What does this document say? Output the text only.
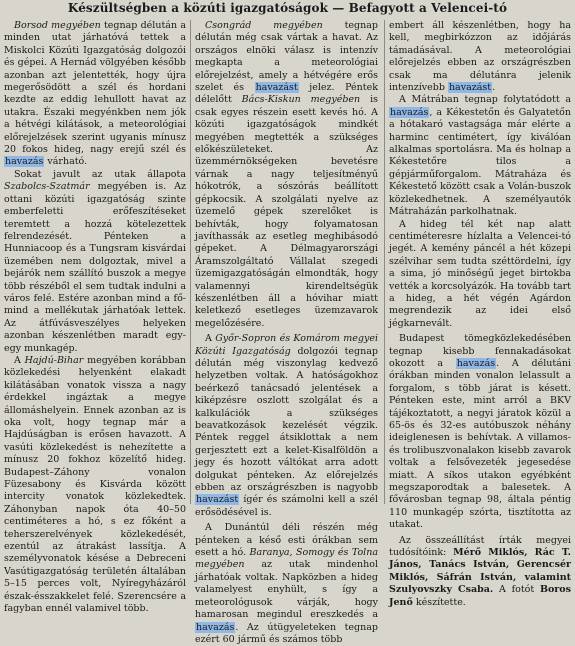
Készültségben a közúti igazgatóságok — Befagyott a Velencei-tó

Borsod megyében tegnap délután a minden utat járhatóvá tettek a Miskolci Közúti Igazgatóság dolgozói és gépei. A Hernád völgyében később azonban azt jelentették, hogy újra megerősödött a szél és hordani kezdte az eddig lehullott havat az utakra. Északi megyénkben nem jók a hétvégi kilátások, a meteorológiai előrejelzések szerint ugyanis mínusz 20 fokos hideg, nagy erejű szél és havazás várható.

Sokat javult az utak állapota Szabolcs-Szatmár megyében is. Az ottani közúti igazgatóság szinte emberfeletti erőfeszítéseket teremtett a hozzá kötelezettek felrendezését. Pénteken a Hunniacoop és a Tungsram kisvárdai üzemében nem dolgoztak, mivel a bejárók nem szállító buszok a megye több részéből el sem tudtak indulni a város felé. Estére azonban mind a fő- mind a mellékutak járhatóak lettek. Az átfúvásveszélyes helyeken azonban készenlétben maradt egy-egy munkagép.

A Hajdú-Bihar megyében korábban közlekedési helyenként elakadt kilátásában vonatok vissza a nagy érdekkel ingáztak a megye állomáshelyein. Ennek azonban az is oka volt, hogy tegnap már a Hajdúságban is erősen havazott. A vasúti közlekedést is nehezítette a mínusz 20 fokhoz közelítő hideg. Budapest–Záhony vonalon Füzesabony és Kisvárda között intercity vonatok közlekedtek. Záhonyban napok óta 40–50 centiméteres a hó, s ez főként a teherszerelvények közlekedését, ezentúl az átrakást lassítja. A személyvonatok késése a Debreceni Vasútigazgatóság területén általában 5–15 perces volt, Nyíregyházáról észak-ésszakkelet felé. Szerencsére a fagyban ennél valamivel több.

Csongrád megyében tegnap délután még csak vártak a havat. Az országos elnöki válasz is intenzív megkapta a meteorológiai előrejelzést, amely a hétvégére erős szelet és havazást jelez. Péntek délelőtt Bács-Kiskun megyében is csak egyes részein esett kevés hó. A közúti igazgatóságok mindkét megyében megtették a szükséges előkészületeket. Az üzemmérnökségeken bevetésre várnak a nagy teljesítményű hókotrók, a sószórás beállított gépkocsik. A szolgálati nyelve az üzemelő gépek szerelőket is behívták, hogy folyamatosan javíthassák az esetleg meghibásodó gépeket. A Délmagyarországi Áramszolgáltató Vállalat szegedi üzemigazgatóságán elmondták, hogy valamennyi kirendeltségük készenlétben áll a hóvihar miatt keletkező esetleges üzemzavarok megelőzésére.

A Győr-Sopron és Komárom megyei Közúti Igazgatóság dolgozói tegnap délután még viszonylag kedvező helyzetben voltak. A hatóságokhoz beérkező tanácsadó jelentések a kiképzésre oszlott szolgálat és a kalkulációk a szükséges beavatkozások kezelését végzik. Péntek reggel átsiklottak a nem gerjesztett ezt a kelet-Kisalföldön a jegy és hozott váltókat arra adott dolgukat pénteken. Az előrejelzés ebben az országrészben is nagyobb havazást ígér és számolni kell a szél erősödésével is.

A Dunántúl déli részén még pénteken a késő esti órákban sem esett a hó. Baranya, Somogy és Tolna megyében az utak mindenhol járhatóak voltak. Napközben a hideg valamelyest enyhült, s így a meteorológusok várják, hogy hamarosan megindul ereszkedés a havazás. Az útügyeleteken tegnap ezért 60 jármű és számos több

embert áll készenlétben, hogy ha kell, megbirkózzon az időjárás támadásával. A meteorológiai előrejelzés ebben az országrészben csak ma délutánra jelenik intenzívebb havazást.

A Mátrában tegnap folytatódott a havazás, a Kékestetőn és Galyatetőn a hótakaró vastagsága már elérte a harminc centimétert, így kiválóan alkalmas sportolásra. Ma és holnap a Kékestetőre tilos a gépjárműforgalom. Mátraháza és Kékestető között csak a Volán-buszok közlekedhetnek. A személyautók Mátraházán parkolhatnak.

A hideg tél két nap alatt centiméteresre hízlalta a Velencei-tó jegét. A kemény páncél a hét közepi szélvihar sem tudta széttördelni, így a sima, jó minőségű jeget birtokba vették a korcsolyázók. Ha tovább tart a hideg, a hét végén Agárdon megrendezik az idei első jégkarnevált.

Budapest tömegközlekedésében tegnap kisebb fennakadásokat okozott a havazás. A délutáni órákban minden vonalon lelassult a forgalom, s több járat is késett. Pénteken este, mint arról a BKV tájékoztatott, a negyi járatok közül a 65-ös és 32-es autóbuszok néhány ideiglenesen is behívtak. A villamos- és trolibuszvonalakon kisebb zavarok voltak a felsővezeték jegesedése miatt. A síkos utakon egyébként megszaporodtak a balesetek. A fővárosban tegnap 98, általa péntig 110 munkagép szórta, tisztította az utakat.

Az összeállítást írták megyei tudósítóink: Mérő Miklós, Rác T. János, Tanács István, Gerencsér Miklós, Sáfrán István, valamint Szulyovszky Csaba. A fotót Boros Jenő készítette.
